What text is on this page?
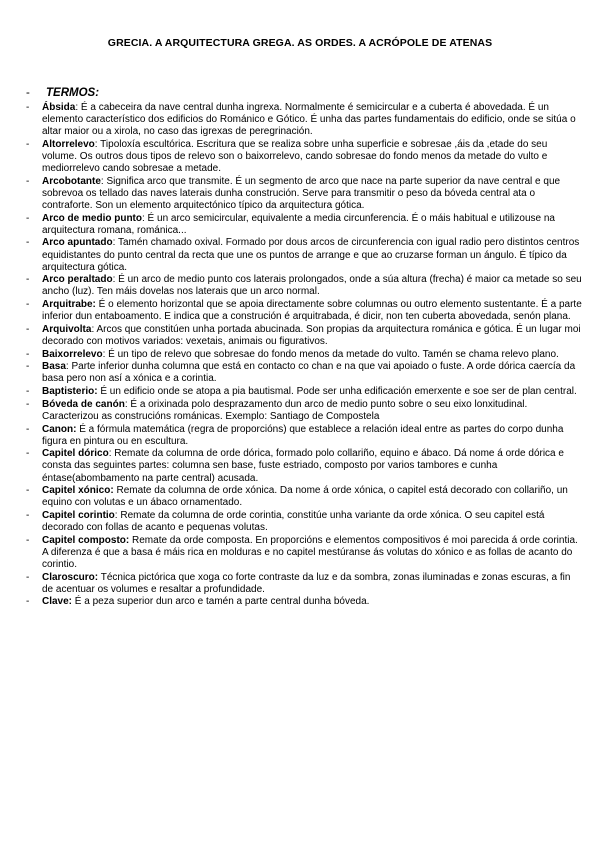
GRECIA. A ARQUITECTURA GREGA. AS ORDES. A ACRÓPOLE DE ATENAS
- TERMOS:
- Ábsida: É a cabeceira da nave central dunha ingrexa. Normalmente é semicircular e a cuberta é abovedada. É un elemento característico dos edificios do Románico e Gótico. É unha das partes fundamentais do edificio, onde se sitúa o altar maior ou a xirola, no caso das igrexas de peregrinación.
- Altorrelevo: Tipoloxía escultórica. Escritura que se realiza sobre unha superficie e sobresae ,áis da ,etade do seu volume. Os outros dous tipos de relevo son o baixorrelevo, cando sobresae do fondo menos da metade do vulto e mediorrelevo cando sobresae a metade.
- Arcobotante: Significa arco que transmite. É un segmento de arco que nace na parte superior da nave central e que sobrevoa os tellado das naves laterais dunha construción. Serve para transmitir o peso da bóveda central ata o contraforte. Son un elemento arquitectónico típico da arquitectura gótica.
- Arco de medio punto: É un arco semicircular, equivalente a media circunferencia. É o máis habitual e utilizouse na arquitectura romana, románica...
- Arco apuntado: Tamén chamado oxival. Formado por dous arcos de circunferencia con igual radio pero distintos centros equidistantes do punto central da recta que une os puntos de arrange e que ao cruzarse forman un ángulo. É típico da arquitectura gótica.
- Arco peraltado: É un arco de medio punto cos laterais prolongados, onde a súa altura (frecha) é maior ca metade so seu ancho (luz). Ten máis dovelas nos laterais que un arco normal.
- Arquitrabe: É o elemento horizontal que se apoia directamente sobre columnas ou outro elemento sustentante. É a parte inferior dun entaboamento. E indica que a construción é arquitrabada, é dicir, non ten cuberta abovedada, senón plana.
- Arquivolta: Arcos que constitúen unha portada abucinada. Son propias da arquitectura románica e gótica. É un lugar moi decorado con motivos variados: vexetais, animais ou figurativos.
- Baixorrelevo: É un tipo de relevo que sobresae do fondo menos da metade do vulto. Tamén se chama relevo plano.
- Basa: Parte inferior dunha columna que está en contacto co chan e na que vai apoiado o fuste. A orde dórica caercía da basa pero non así a xónica e a corintia.
- Baptisterio: É un edificio onde se atopa a pia bautismal. Pode ser unha edificación emerxente e soe ser de plan central.
- Bóveda de canón: É a orixinada polo desprazamento dun arco de medio punto sobre o seu eixo lonxitudinal. Caracterizou as construcións románicas. Exemplo: Santiago de Compostela
- Canon: É a fórmula matemática (regra de proporcións) que establece a relación ideal entre as partes do corpo dunha figura en pintura ou en escultura.
- Capitel dórico: Remate da columna de orde dórica, formado polo collariño, equino e ábaco. Dá nome á orde dórica e consta das seguintes partes: columna sen base, fuste estriado, composto por varios tambores e cunha éntase(abombamento na parte central) acusada.
- Capitel xónico: Remate da columna de orde xónica. Da nome á orde xónica, o capitel está decorado con collariño, un equino con volutas e un ábaco ornamentado.
- Capitel corintio: Remate da columna de orde corintia, constitúe unha variante da orde xónica. O seu capitel está decorado con follas de acanto e pequenas volutas.
- Capitel composto: Remate da orde composta. En proporcións e elementos compositivos é moi parecida á orde corintia. A diferenza é que a basa é máis rica en molduras e no capitel mestúranse ás volutas do xónico e as follas de acanto do corintio.
- Claroscuro: Técnica pictórica que xoga co forte contraste da luz e da sombra, zonas iluminadas e zonas escuras, a fin de acentuar os volumes e resaltar a profundidade.
- Clave: É a peza superior dun arco e tamén a parte central dunha bóveda.
